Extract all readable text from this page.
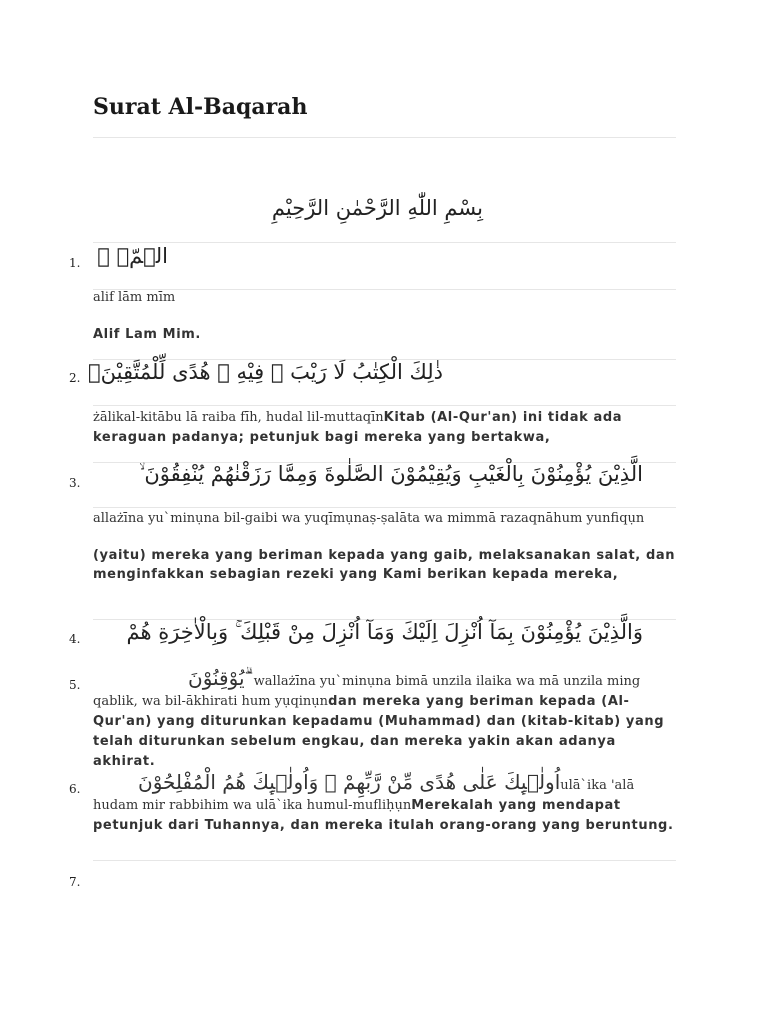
Surat Al-Baqarah
بِسْمِ اللّٰهِ الرَّحْمٰنِ الرَّحِيْمِ
1. الۤمّۤ ۚ
alif lām mīm
Alif Lam Mim.
2. ذٰلِكَ الْكِتٰبُ لَا رَيْبَ ۛ فِيْهِ ۛ هُدًى لِّلْمُتَّقِيْنَۙ
żālikal-kitābu lā raiba fīh, hudal lil-muttaqīnKitab (Al-Qur'an) ini tidak ada keraguan padanya; petunjuk bagi mereka yang bertakwa,
3.	الَّذِيْنَ يُؤْمِنُوْنَ بِالْغَيْبِ وَيُقِيْمُوْنَ الصَّلٰوةَ وَمِمَّا رَزَقْنٰهُمْ يُنْفِقُوْنَ ۙ
allażīna yu`minụna bil-gaibi wa yuqīmụnaṣ-ṣalāta wa mimmā razaqnāhum yunfiqụn
(yaitu) mereka yang beriman kepada yang gaib, melaksanakan salat, dan menginfakkan sebagian rezeki yang Kami berikan kepada mereka,
4.	وَالَّذِيْنَ يُؤْمِنُوْنَ بِمَآ اُنْزِلَ اِلَيْكَ وَمَآ اُنْزِلَ مِنْ قَبْلِكَ ۚ وَبِالْاٰخِرَةِ هُمْ
5.	يُوْقِنُوْنَ ۗ wallażīna yu`minụna bimā unzila ilaika wa mā unzila ming qablik, wa bil-ākhirati hum yụqinụndan mereka yang beriman kepada (Al-Qur'an) yang diturunkan kepadamu (Muhammad) dan (kitab-kitab) yang telah diturunkan sebelum engkau, dan mereka yakin akan adanya akhirat.
6.	اُولٰۤىِٕكَ عَلٰى هُدًى مِّنْ رَّبِّهِمْ ۙ وَاُولٰۤىِٕكَ هُمُ الْمُفْلِحُوْنَulā`ika 'alā hudam mir rabbihim wa ulā`ika humul-mufliḥụnMerekalah yang mendapat petunjuk dari Tuhannya, dan mereka itulah orang-orang yang beruntung.
7.
